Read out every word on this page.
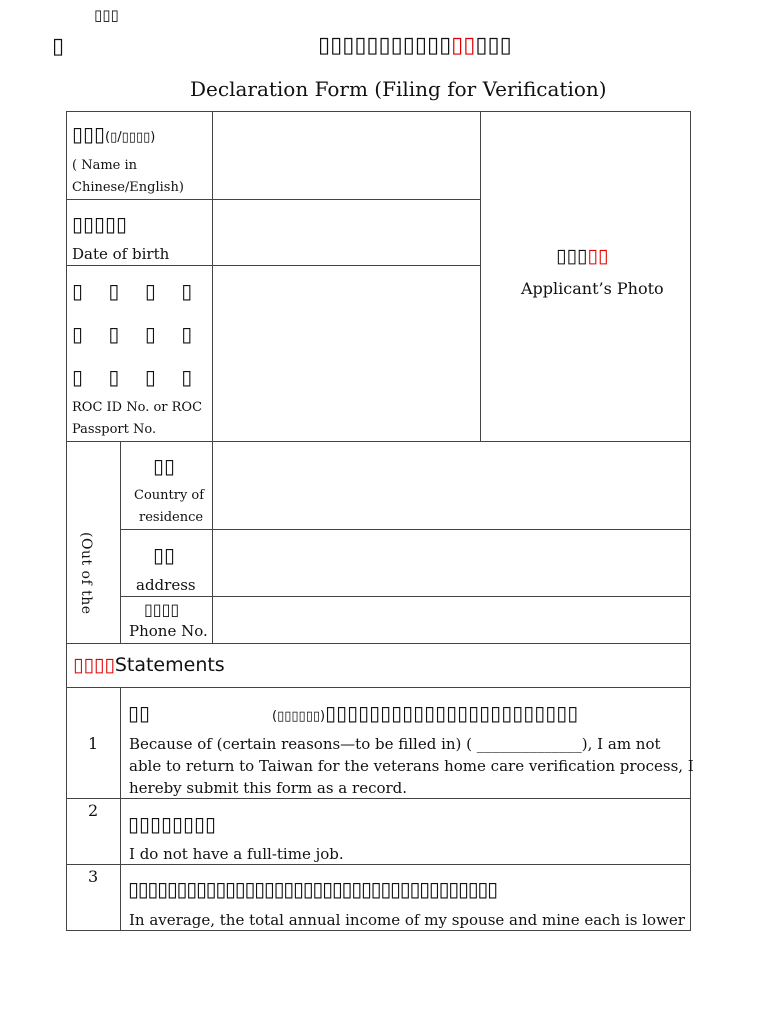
▯▯▯
▯	▯▯▯▯▯▯▯▯▯▯▯▯▯▯▯▯
Declaration Form (Filing for Verification)
▯▯▯(▯/▯▯▯▯)
( Name in
Chinese/English)
▯▯▯▯▯
Date of birth
▯    ▯    ▯    ▯
▯    ▯    ▯    ▯
▯    ▯    ▯    ▯
ROC ID No. or ROC
Passport No.
▯▯▯▯▯
Applicant’s Photo
(Out of the
▯▯
Country of
residence
▯▯
address
▯▯▯▯
Phone No.
▯▯▯▯Statements
1
▯▯	(▯▯▯▯▯▯)▯▯▯▯▯▯▯▯▯▯▯▯▯▯▯▯▯▯▯▯▯▯▯
Because of (certain reasons—to be filled in) ( ______________), I am not
able to return to Taiwan for the veterans home care verification process, I
hereby submit this form as a record.
2
▯▯▯▯▯▯▯▯
I do not have a full-time job.
3
▯▯▯▯▯▯▯▯▯▯▯▯▯▯▯▯▯▯▯▯▯▯▯▯▯▯▯▯▯▯▯▯▯▯▯▯▯▯
In average, the total annual income of my spouse and mine each is lower
